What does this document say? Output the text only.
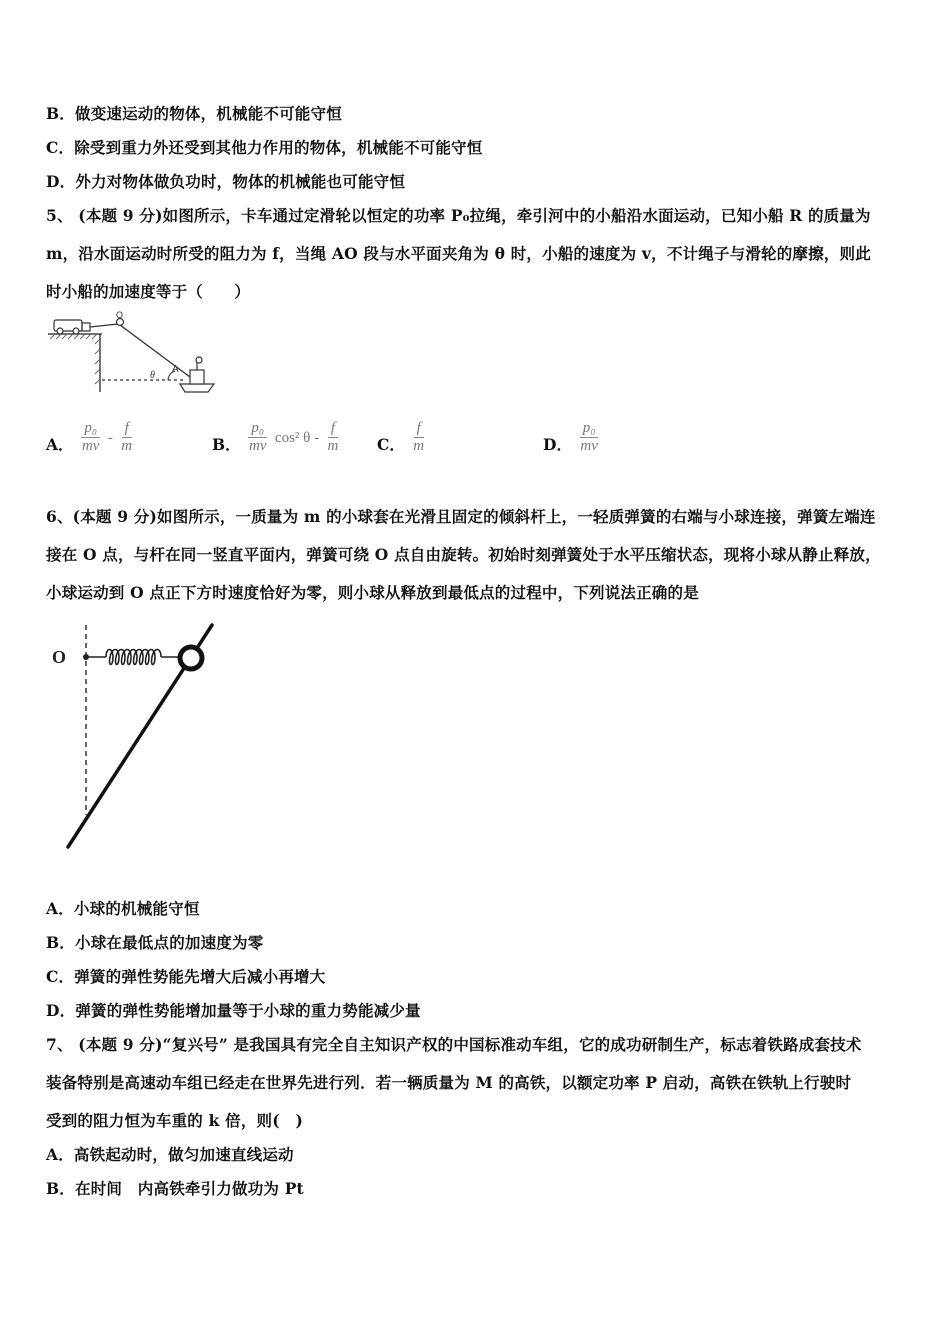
B．做变速运动的物体，机械能不可能守恒
C．除受到重力外还受到其他力作用的物体，机械能不可能守恒
D．外力对物体做负功时，物体的机械能也可能守恒
5、 (本题 9 分)如图所示，卡车通过定滑轮以恒定的功率 P₀拉绳，牵引河中的小船沿水面运动，已知小船 R 的质量为
m，沿水面运动时所受的阻力为 f，当绳 AO 段与水平面夹角为 θ 时，小船的速度为 v，不计绳子与滑轮的摩擦，则此
时小船的加速度等于（　　）
O
θ
A
A． $\frac{\text{p₀}}{mv} - \frac{f}{m}$	B． $\frac{\text{p₀}}{mv} \cos^2$ θ - $\frac{f}{m}$ C． $\frac{f}{m}$	D． $\frac{\text{p₀}}{mv}$
6、(本题 9 分)如图所示，一质量为 m 的小球套在光滑且固定的倾斜杆上，一轻质弹簧的右端与小球连接，弹簧左端连
接在 O 点，与杆在同一竖直平面内，弹簧可绕 O 点自由旋转。初始时刻弹簧处于水平压缩状态，现将小球从静止释放，
小球运动到 O 点正下方时速度恰好为零，则小球从释放到最低点的过程中，下列说法正确的是
O
A．小球的机械能守恒
B．小球在最低点的加速度为零
C．弹簧的弹性势能先增大后减小再增大
D．弹簧的弹性势能增加量等于小球的重力势能减少量
7、 (本题 9 分)“复兴号” 是我国具有完全自主知识产权的中国标准动车组，它的成功研制生产，标志着铁路成套技术
装备特别是高速动车组已经走在世界先进行列．若一辆质量为 M 的高铁，以额定功率 P 启动，高铁在铁轨上行驶时
受到的阻力恒为车重的 k 倍，则(　)
A．高铁起动时，做匀加速直线运动
B．在时间　内高铁牵引力做功为 Pt
